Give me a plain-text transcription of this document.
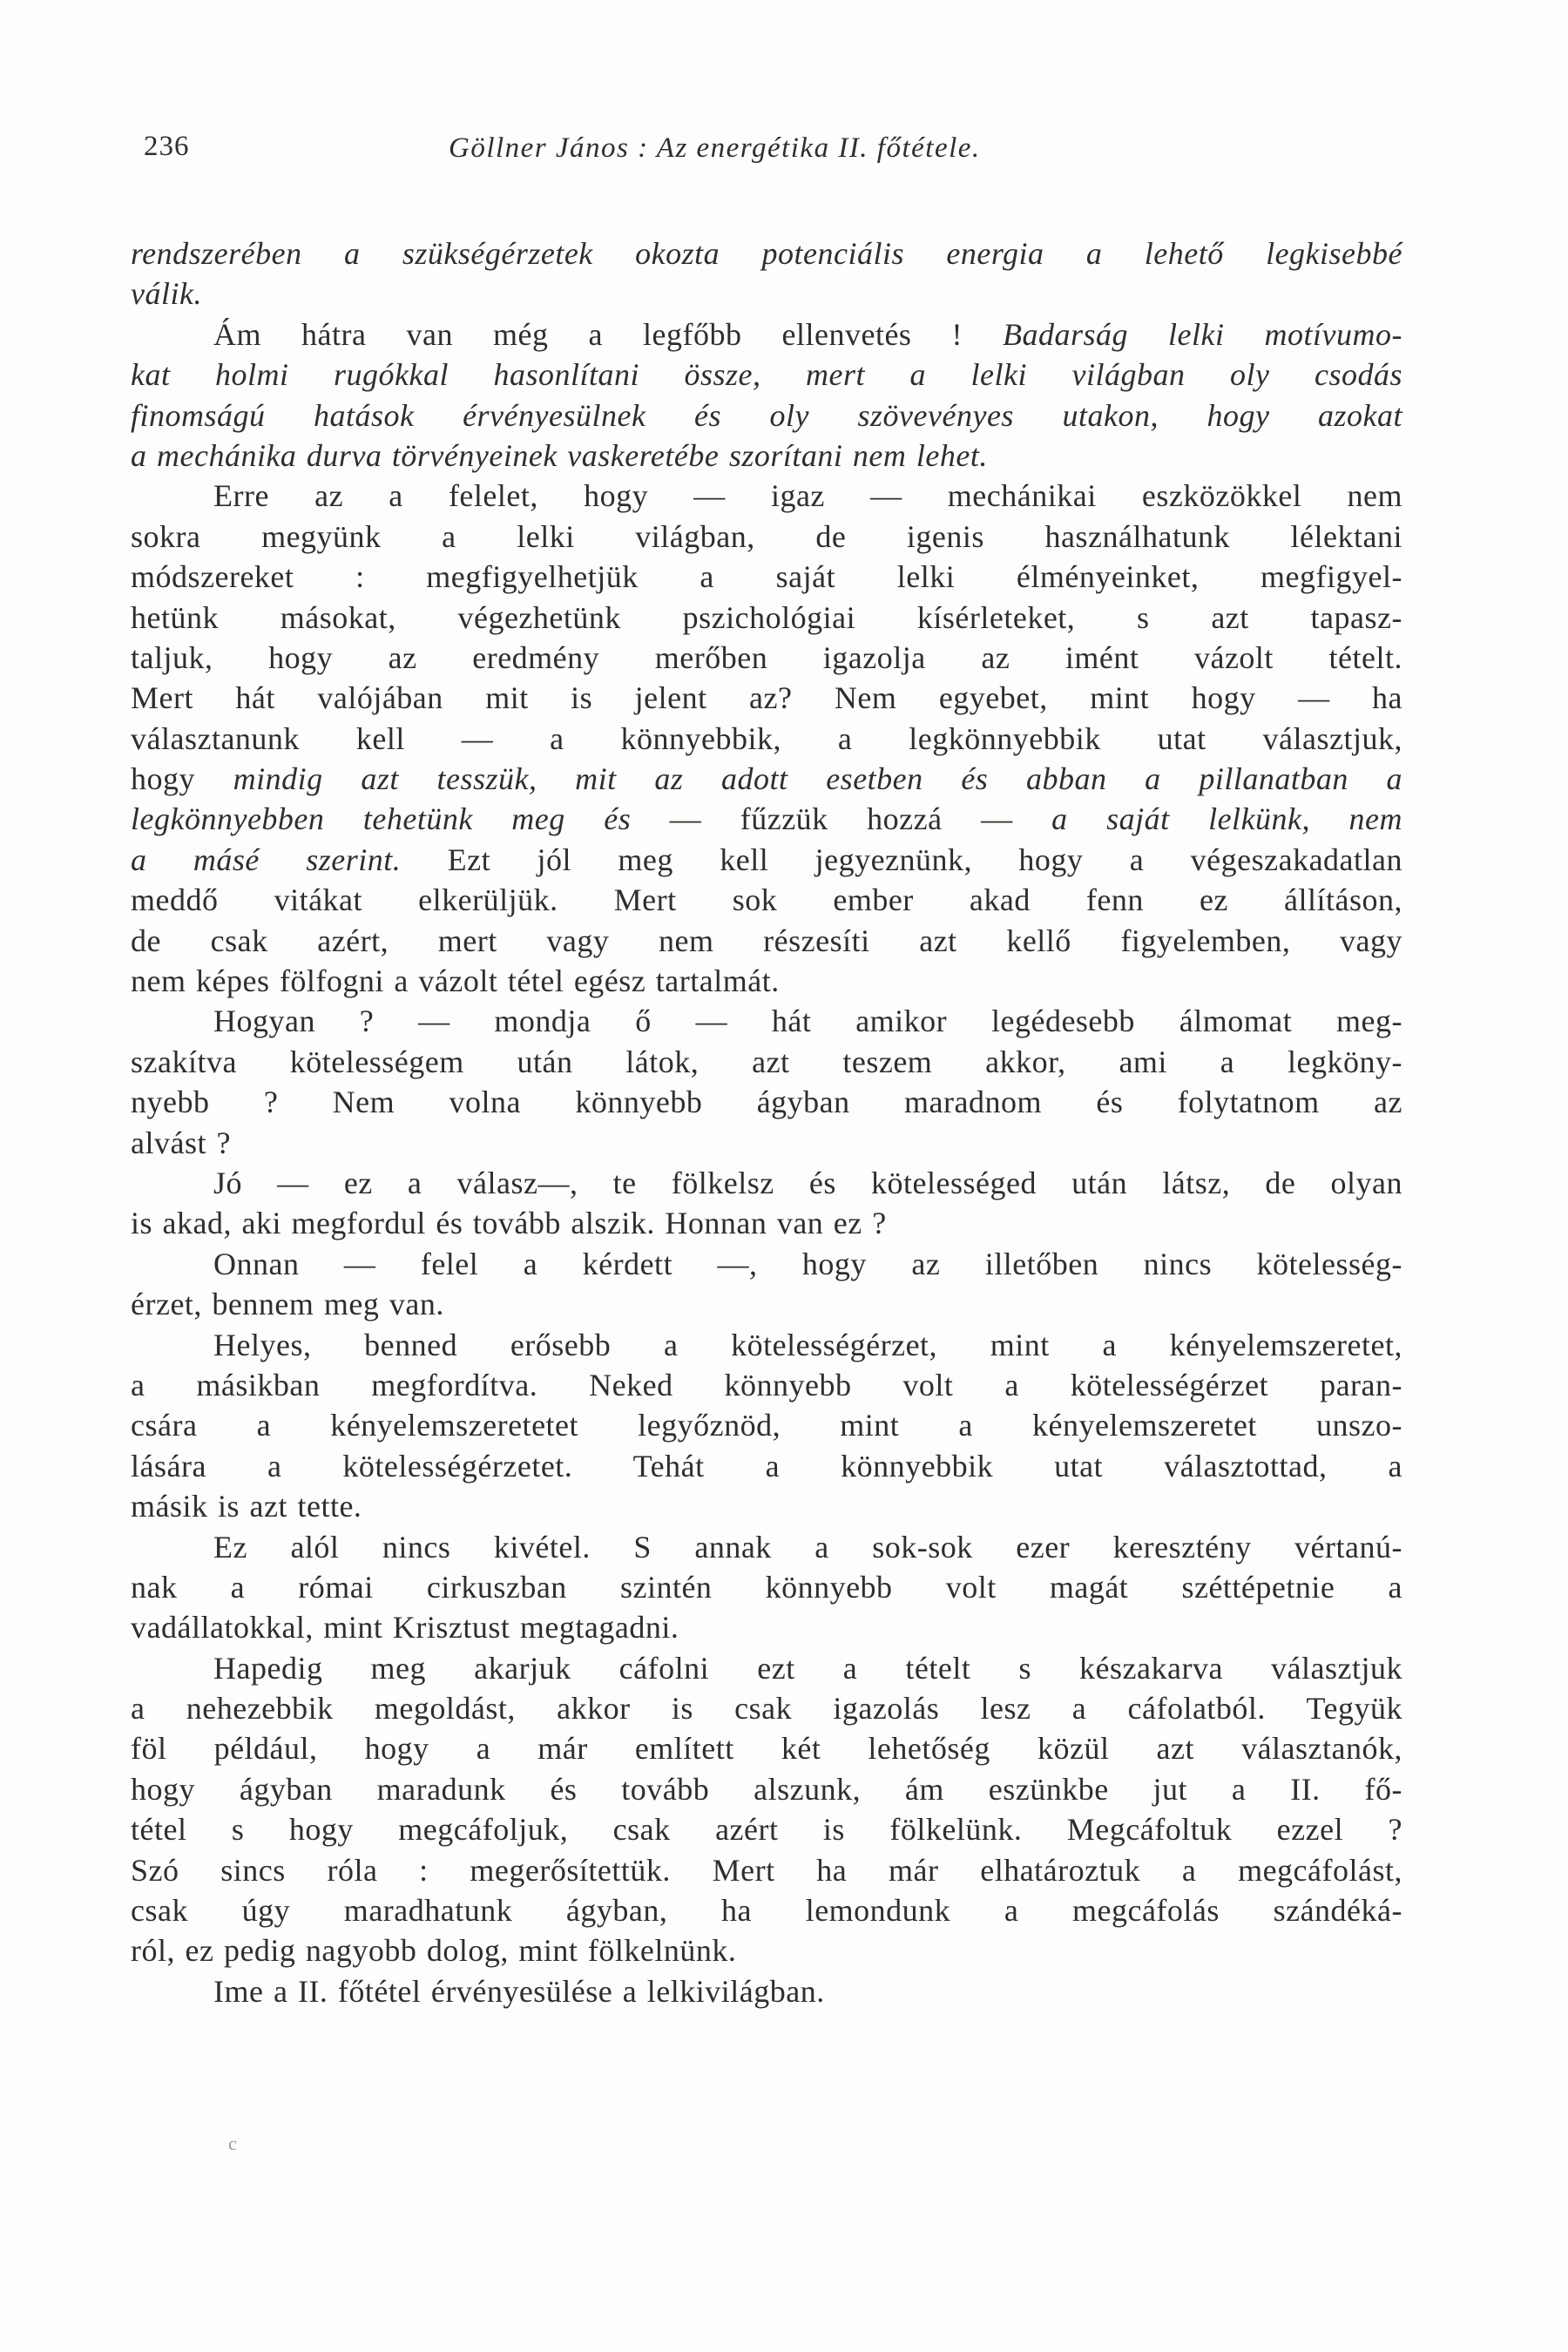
236	Göllner János : Az energétika II. főtétele.
rendszerében a szükségérzetek okozta potenciális energia a lehető legkisebbé
válik.
Ám hátra van még a legfőbb ellenvetés ! Badarság lelki motívumo-
kat holmi rugókkal hasonlítani össze, mert a lelki világban oly csodás
finomságú hatások érvényesülnek és oly szövevényes utakon, hogy azokat
a mechánika durva törvényeinek vaskeretébe szorítani nem lehet.
Erre az a felelet, hogy — igaz — mechánikai eszközökkel nem
sokra megyünk a lelki világban, de igenis használhatunk lélektani
módszereket : megfigyelhetjük a saját lelki élményeinket, megfigyel-
hetünk másokat, végezhetünk pszichológiai kísérleteket, s azt tapasz-
taljuk, hogy az eredmény merőben igazolja az imént vázolt tételt.
Mert hát valójában mit is jelent az? Nem egyebet, mint hogy — ha
választanunk kell — a könnyebbik, a legkönnyebbik utat választjuk,
hogy mindig azt tesszük, mit az adott esetben és abban a pillanatban a
legkönnyebben tehetünk meg és — fűzzük hozzá — a saját lelkünk, nem
a másé szerint. Ezt jól meg kell jegyeznünk, hogy a végeszakadatlan
meddő vitákat elkerüljük. Mert sok ember akad fenn ez állításon,
de csak azért, mert vagy nem részesíti azt kellő figyelemben, vagy
nem képes fölfogni a vázolt tétel egész tartalmát.
Hogyan ? — mondja ő — hát amikor legédesebb álmomat meg-
szakítva kötelességem után látok, azt teszem akkor, ami a legköny-
nyebb ? Nem volna könnyebb ágyban maradnom és folytatnom az
alvást ?
Jó — ez a válasz—, te fölkelsz és kötelességed után látsz, de olyan
is akad, aki megfordul és tovább alszik. Honnan van ez ?
Onnan — felel a kérdett —, hogy az illetőben nincs kötelesség-
érzet, bennem meg van.
Helyes, benned erősebb a kötelességérzet, mint a kényelemszeretet,
a másikban megfordítva. Neked könnyebb volt a kötelességérzet paran-
csára a kényelemszeretetet legyőznöd, mint a kényelemszeretet unszo-
lására a kötelességérzetet. Tehát a könnyebbik utat választottad, a
másik is azt tette.
Ez alól nincs kivétel. S annak a sok-sok ezer keresztény vértanú-
nak a római cirkuszban szintén könnyebb volt magát széttépetnie a
vadállatokkal, mint Krisztust megtagadni.
Hapedig meg akarjuk cáfolni ezt a tételt s készakarva választjuk
a nehezebbik megoldást, akkor is csak igazolás lesz a cáfolatból. Tegyük
föl például, hogy a már említett két lehetőség közül azt választanók,
hogy ágyban maradunk és tovább alszunk, ám eszünkbe jut a II. fő-
tétel s hogy megcáfoljuk, csak azért is fölkelünk. Megcáfoltuk ezzel ?
Szó sincs róla : megerősítettük. Mert ha már elhatároztuk a megcáfolást,
csak úgy maradhatunk ágyban, ha lemondunk a megcáfolás szándéká-
ról, ez pedig nagyobb dolog, mint fölkelnünk.
Ime a II. főtétel érvényesülése a lelkivilágban.
c
